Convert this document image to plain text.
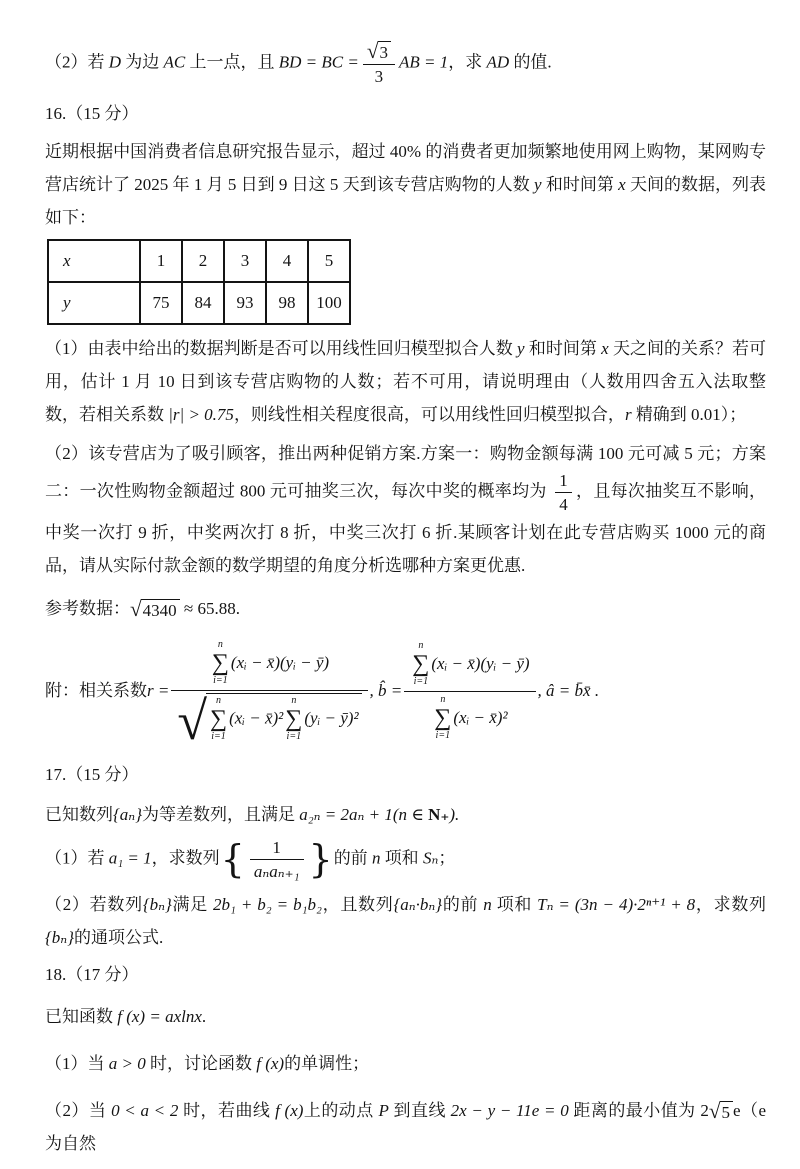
（2）若 D 为边 AC 上一点，且 BD = BC = $\frac{√ 3}{3}$ AB = 1，求 AD 的值.

16.（15 分）

近期根据中国消费者信息研究报告显示，超过 40% 的消费者更加频繁地使用网上购物，某网购专营店统计了 2025 年 1 月 5 日到 9 日这 5 天到该专营店购物的人数 y 和时间第 x 天间的数据，列表如下：

x	1	2	3	4	5
y	75	84	93	98	100

（1）由表中给出的数据判断是否可以用线性回归模型拟合人数 y 和时间第 x 天之间的关系？若可用，估计 1 月 10 日到该专营店购物的人数；若不可用，请说明理由（人数用四舍五入法取整数，若相关系数 |r| > 0.75，则线性相关程度很高，可以用线性回归模型拟合，r 精确到 0.01）；

（2）该专营店为了吸引顾客，推出两种促销方案.方案一：购物金额每满 100 元可减 5 元；方案二：一次性购物金额超过 800 元可抽奖三次，每次中奖的概率均为 $\frac{1}{4}$ ，且每次抽奖互不影响，中奖一次打 9 折，中奖两次打 8 折，中奖三次打 6 折.某顾客计划在此专营店购买 1000 元的商品，请从实际付款金额的数学期望的角度分析选哪种方案更优惠.

参考数据： √ 4340 ≈ 65.88.

附：相关系数 r = n
∑
i=1
(xᵢ − x̄)(yᵢ − ȳ)
√ n
∑
i=1
(xᵢ − x̄)²
n
∑
i=1
(yᵢ − ȳ)² , b̂ = n
∑
i=1
(xᵢ − x̄)(yᵢ − ȳ)
n
∑
i=1
(xᵢ − x̄)² , â = b̄x̄ .

17.（15 分）

已知数列{aₙ}为等差数列，且满足 a₂ₙ = 2aₙ + 1(n ∈ N₊).

（1）若 a₁ = 1，求数列{ $\frac{1}{\text{aₙaₙ₊₁}}$ }的前 n 项和 Sₙ；

（2）若数列{bₙ}满足 2b₁ + b₂ = b₁b₂，且数列{aₙ·bₙ}的前 n 项和 Tₙ = (3n − 4)·2ⁿ⁺¹ + 8，求数列{bₙ}的通项公式.

18.（17 分）

已知函数 f (x) = axlnx.

（1）当 a > 0 时，讨论函数 f (x)的单调性；

（2）当 0 < a < 2 时，若曲线 f (x)上的动点 P 到直线 2x − y − 11e = 0 距离的最小值为 2 √ 5 e（e 为自然
